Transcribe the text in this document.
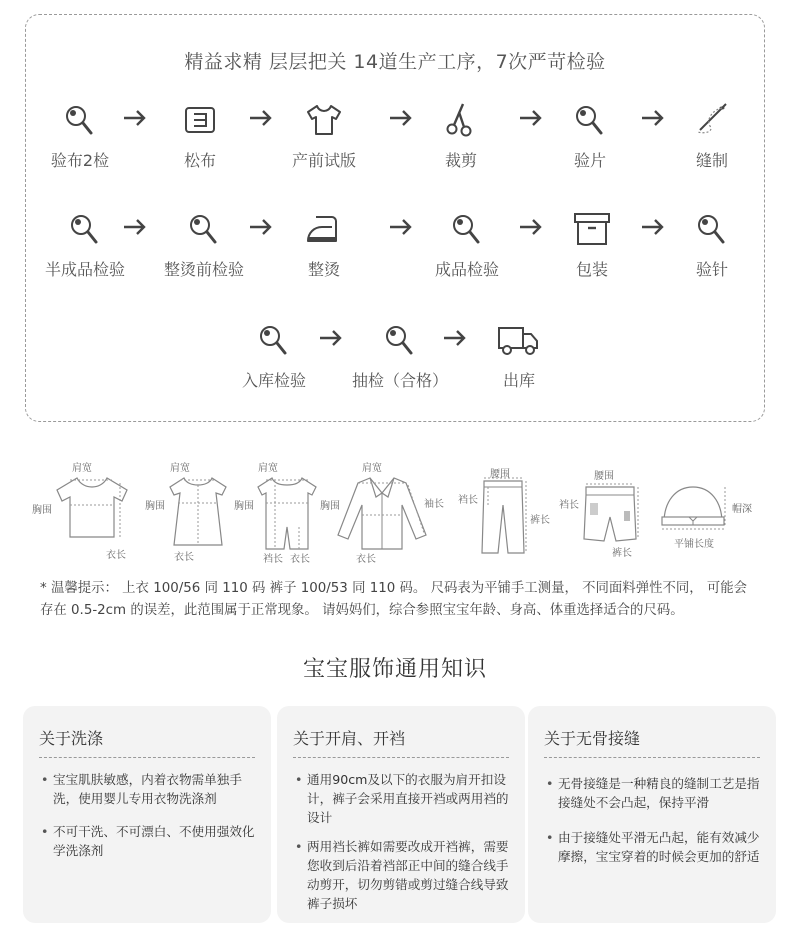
精益求精 层层把关 14道生产工序，7次严苛检验
验布2检	松布	产前试版	裁剪	验片	缝制
半成品检验	整烫前检验	整烫	成品检验	包装	验针
入库检验	抽检（合格）	出库
肩宽
胸围
衣长
肩宽
胸围
衣长
肩宽
胸围
裆长 衣长
肩宽
胸围	袖长
衣长
腰围
裆长
裤长
腰围
裆长
裤长
帽深
平铺长度
* 温馨提示： 上衣 100/56 同 110 码 裤子 100/53 同 110 码。 尺码表为平铺手工测量， 不同面料弹性不同， 可能会存在 0.5-2cm 的误差，此范围属于正常现象。 请妈妈们，综合参照宝宝年龄、身高、体重选择适合的尺码。
宝宝服饰通用知识
关于洗涤
• 宝宝肌肤敏感，内着衣物需单独手洗，使用婴儿专用衣物洗涤剂
• 不可干洗、不可漂白、不使用强效化学洗涤剂
关于开肩、开裆
• 通用90cm及以下的衣服为肩开扣设计，裤子会采用直接开裆或两用裆的设计
• 两用裆长裤如需要改成开裆裤，需要您收到后沿着裆部正中间的缝合线手动剪开，切勿剪错或剪过缝合线导致裤子损坏
关于无骨接缝
• 无骨接缝是一种精良的缝制工艺是指接缝处不会凸起，保持平滑
• 由于接缝处平滑无凸起，能有效减少摩擦，宝宝穿着的时候会更加的舒适
